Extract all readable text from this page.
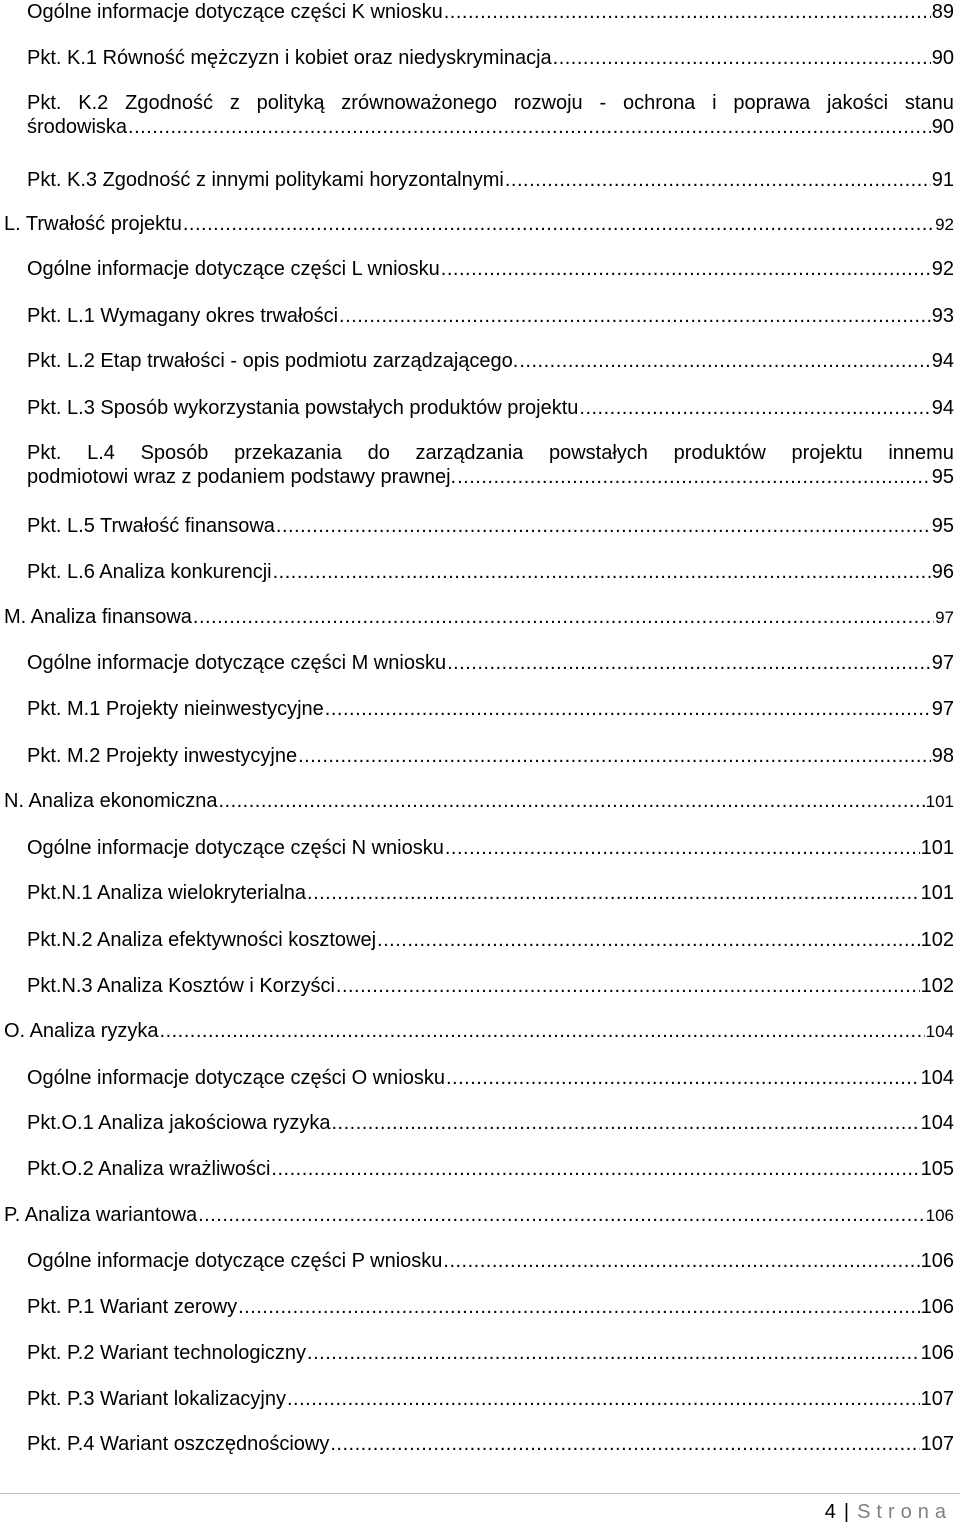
Ogólne informacje dotyczące części K wniosku .....	89
Pkt. K.1 Równość mężczyzn i kobiet oraz niedyskryminacja .....	90
Pkt. K.2 Zgodność z polityką zrównoważonego rozwoju - ochrona i poprawa jakości stanu
środowiska .....	90
Pkt. K.3 Zgodność z innymi politykami horyzontalnymi .....	91
L. Trwałość projektu .....	92
Ogólne informacje dotyczące części L wniosku .....	92
Pkt. L.1 Wymagany okres trwałości .....	93
Pkt. L.2 Etap trwałości - opis podmiotu zarządzającego. .....	94
Pkt. L.3 Sposób wykorzystania powstałych produktów projektu .....	94
Pkt. L.4 Sposób przekazania do zarządzania powstałych produktów projektu innemu
podmiotowi wraz z podaniem podstawy prawnej. .....	95
Pkt. L.5 Trwałość finansowa .....	95
Pkt. L.6 Analiza konkurencji .....	96
M. Analiza finansowa .....	97
Ogólne informacje dotyczące części M wniosku .....	97
Pkt. M.1 Projekty nieinwestycyjne .....	97
Pkt. M.2 Projekty inwestycyjne .....	98
N. Analiza ekonomiczna .....	101
Ogólne informacje dotyczące części N wniosku .....	101
Pkt.N.1 Analiza wielokryterialna .....	101
Pkt.N.2 Analiza efektywności kosztowej .....	102
Pkt.N.3 Analiza Kosztów i Korzyści .....	102
O. Analiza ryzyka .....	104
Ogólne informacje dotyczące części O wniosku .....	104
Pkt.O.1 Analiza jakościowa ryzyka .....	104
Pkt.O.2 Analiza wrażliwości .....	105
P. Analiza wariantowa .....	106
Ogólne informacje dotyczące części P wniosku .....	106
Pkt. P.1 Wariant zerowy .....	106
Pkt. P.2 Wariant technologiczny .....	106
Pkt. P.3 Wariant lokalizacyjny .....	107
Pkt. P.4 Wariant oszczędnościowy .....	107
4 | Strona
